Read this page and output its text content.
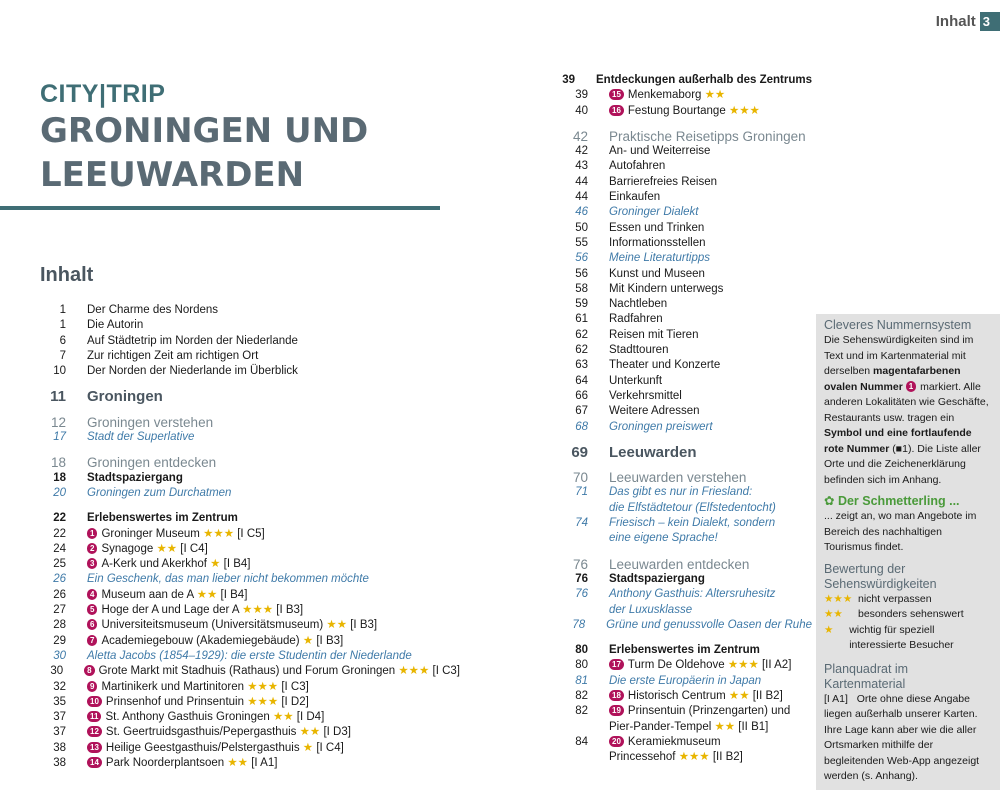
Inhalt 3
CITY|TRIP
GRONINGEN UND
LEEUWARDEN
Inhalt
1 Der Charme des Nordens
1 Die Autorin
6 Auf Städtetrip im Norden der Niederlande
7 Zur richtigen Zeit am richtigen Ort
10 Der Norden der Niederlande im Überblick
11 Groningen
12 Groningen verstehen
17 Stadt der Superlative
18 Groningen entdecken
18 Stadtspaziergang
20 Groningen zum Durchatmen
22 Erlebenswertes im Zentrum
22	1 Groninger Museum ★★★ [I C5]
24	2 Synagoge ★★ [I C4]
25	3 A-Kerk und Akerkhof ★ [I B4]
26 Ein Geschenk, das man lieber nicht bekommen möchte
26	4 Museum aan de A ★★ [I B4]
27	5 Hoge der A und Lage der A ★★★ [I B3]
28	6 Universiteitsmuseum (Universitätsmuseum) ★★ [I B3]
29	7 Academiegebouw (Akademiegebäude) ★ [I B3]
30 Aletta Jacobs (1854–1929): die erste Studentin der Niederlande
30	8 Grote Markt mit Stadhuis (Rathaus) und Forum Groningen ★★★ [I C3]
32	9 Martinikerk und Martinitoren ★★★ [I C3]
35	10 Prinsenhof und Prinsentuin ★★★ [I D2]
37	11 St. Anthony Gasthuis Groningen ★★ [I D4]
37	12 St. Geertruidsgasthuis/Pepergasthuis ★★ [I D3]
38	13 Heilige Geestgasthuis/Pelstergasthuis ★ [I C4]
38	14 Park Noorderplantsoen ★★ [I A1]
39 Entdeckungen außerhalb des Zentrums
39	15 Menkemaborg ★★
40	16 Festung Bourtange ★★★
42 Praktische Reisetipps Groningen
42 An- und Weiterreise
43 Autofahren
44 Barrierefreies Reisen
44 Einkaufen
46 Groninger Dialekt
50 Essen und Trinken
55 Informationsstellen
56 Meine Literaturtipps
56 Kunst und Museen
58 Mit Kindern unterwegs
59 Nachtleben
61 Radfahren
62 Reisen mit Tieren
62 Stadttouren
63 Theater und Konzerte
64 Unterkunft
66 Verkehrsmittel
67 Weitere Adressen
68 Groningen preiswert
69 Leeuwarden
70 Leeuwarden verstehen
71 Das gibt es nur in Friesland:
die Elfstädtetour (Elfstedentocht)
74 Friesisch – kein Dialekt, sondern
eine eigene Sprache!
76 Leeuwarden entdecken
76 Stadtspaziergang
76 Anthony Gasthuis: Altersruhesitz
der Luxusklasse
78 Grüne und genussvolle Oasen der Ruhe
80 Erlebenswertes im Zentrum
80	17 Turm De Oldehove ★★★ [II A2]
81 Die erste Europäerin in Japan
82	18 Historisch Centrum ★★ [II B2]
82	19 Prinsentuin (Prinzengarten) und
Pier-Pander-Tempel ★★ [II B1]
84	20 Keramiekmuseum
Princessehof ★★★ [II B2]
Cleveres Nummernsystem

Die Sehenswürdigkeiten sind im Text und im Kartenmaterial mit derselben magentafarbenen ovalen Nummer 1 markiert. Alle anderen Lokalitäten wie Geschäfte, Restaurants usw. tragen ein Symbol und eine fortlaufende rote Nummer (■1). Die Liste aller Orte und die Zeichenerklärung befinden sich im Anhang.

✿ Der Schmetterling ...

... zeigt an, wo man Angebote im Bereich des nachhaltigen Tourismus findet.

Bewertung der Sehenswürdigkeiten
★★★ nicht verpassen
★★	besonders sehenswert
★	wichtig für speziell interessierte Besucher
Planquadrat im Kartenmaterial

[I A1] Orte ohne diese Angabe liegen außerhalb unserer Karten. Ihre Lage kann aber wie die aller Ortsmarken mithilfe der begleitenden Web-App angezeigt werden (s. Anhang).
